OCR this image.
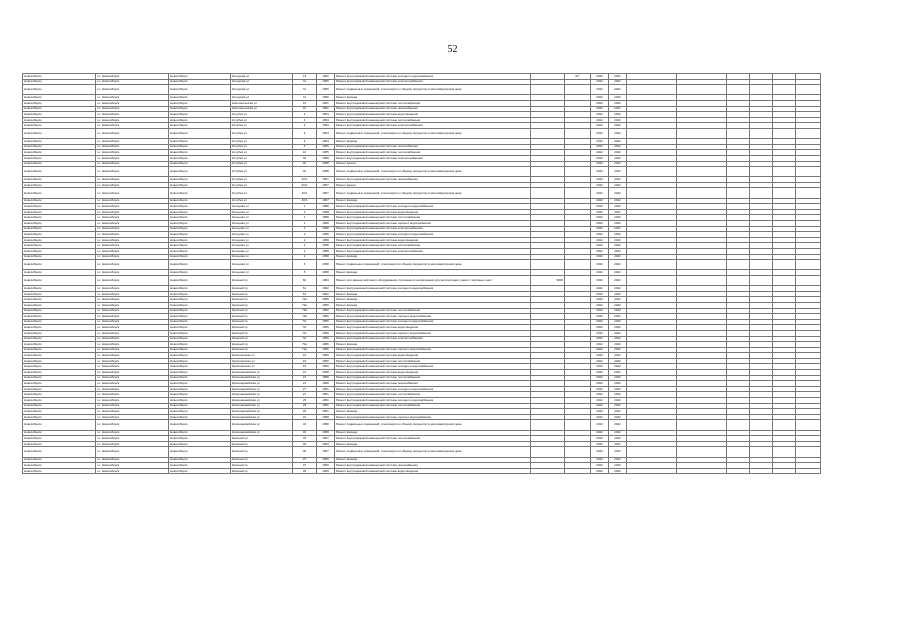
52
Новосибирск	г.о. Новосибирск	Новосибирск	Кошурова ул	13	1962	Ремонт внутридомовой инженерной системы холодного водоснабжения		97*	2022	2022						
Новосибирск	г.о. Новосибирск	Новосибирск	Кошурова ул	7а	1956	Ремонт внутридомовой инженерной системы электроснабжения			2022	2022						
Новосибирск	г.о. Новосибирск	Новосибирск	Кошурова ул	7а	1956	Ремонт подвальных помещений, относящихся к общему имуществу в многоквартирном доме			2022	2022						
Новосибирск	г.о. Новосибирск	Новосибирск	Кошурова ул	7а	1956	Ремонт фасада			2022	2022						
Новосибирск	г.о. Новосибирск	Новосибирск	Комсомольская ул	10	1961	Ремонт внутридомовой инженерной системы теплоснабжения			2022	2022						
Новосибирск	г.о. Новосибирск	Новосибирск	Комсомольская ул	10	1961	Ремонт внутридомовой инженерной системы газоснабжения			2022	2022						
Новосибирск	г.о. Новосибирск	Новосибирск	Кочубея ул	4	1954	Ремонт внутридомовой инженерной системы водоотведения			2022	2022						
Новосибирск	г.о. Новосибирск	Новосибирск	Кочубея ул	4	1954	Ремонт внутридомовой инженерной системы теплоснабжения			2022	2022						
Новосибирск	г.о. Новосибирск	Новосибирск	Кочубея ул	4	1954	Ремонт внутридомовой инженерной системы электроснабжения			2022	2022						
Новосибирск	г.о. Новосибирск	Новосибирск	Кочубея ул	4	1954	Ремонт подвальных помещений, относящихся к общему имуществу в многоквартирном доме			2022	2022						
Новосибирск	г.о. Новосибирск	Новосибирск	Кочубея ул	4	1954	Ремонт фасада			2022	2022						
Новосибирск	г.о. Новосибирск	Новосибирск	Кочубея ул	6	1955	Ремонт внутридомовой инженерной системы газоснабжения			2022	2022						
Новосибирск	г.о. Новосибирск	Новосибирск	Кочубея ул	10	1955	Ремонт внутридомовой инженерной системы теплоснабжения			2022	2022						
Новосибирск	г.о. Новосибирск	Новосибирск	Кочубея ул	40	1958	Ремонт внутридомовой инженерной системы электроснабжения			2022	2022						
Новосибирск	г.о. Новосибирск	Новосибирск	Кочубея ул	40	1958	Ремонт крыши			2022	2022						
Новосибирск	г.о. Новосибирск	Новосибирск	Кочубея ул	40	1958	Ремонт подвальных помещений, относящихся к общему имуществу в многоквартирном доме			2022	2022						
Новосибирск	г.о. Новосибирск	Новосибирск	Кочубея ул	40/1	1957	Ремонт внутридомовой инженерной системы газоснабжения			2022	2022						
Новосибирск	г.о. Новосибирск	Новосибирск	Кочубея ул	40/1	1957	Ремонт крыши			2022	2022						
Новосибирск	г.о. Новосибирск	Новосибирск	Кочубея ул	40/1	1957	Ремонт подвальных помещений, относящихся к общему имуществу в многоквартирном доме			2022	2022						
Новосибирск	г.о. Новосибирск	Новосибирск	Кочубея ул	40/1	1957	Ремонт фасада			2022	2022						
Новосибирск	г.о. Новосибирск	Новосибирск	Кольцова ул	1	1958	Ремонт внутридомовой инженерной системы холодного водоснабжения			2022	2022						
Новосибирск	г.о. Новосибирск	Новосибирск	Кольцова ул	1	1958	Ремонт внутридомовой инженерной системы водоотведения			2022	2022						
Новосибирск	г.о. Новосибирск	Новосибирск	Кольцова ул	1	1958	Ремонт внутридомовой инженерной системы теплоснабжения			2022	2022						
Новосибирск	г.о. Новосибирск	Новосибирск	Кольцова ул	1	1958	Ремонт внутридомовой инженерной системы горячего водоснабжения			2022	2022						
Новосибирск	г.о. Новосибирск	Новосибирск	Кольцова ул	1	1958	Ремонт внутридомовой инженерной системы электроснабжения			2022	2022						
Новосибирск	г.о. Новосибирск	Новосибирск	Кольцова ул	2	1958	Ремонт внутридомовой инженерной системы холодного водоснабжения			2022	2022						
Новосибирск	г.о. Новосибирск	Новосибирск	Кольцова ул	2	1958	Ремонт внутридомовой инженерной системы водоотведения			2022	2022						
Новосибирск	г.о. Новосибирск	Новосибирск	Кольцова ул	2	1958	Ремонт внутридомовой инженерной системы теплоснабжения			2022	2022						
Новосибирск	г.о. Новосибирск	Новосибирск	Кольцова ул	2	1958	Ремонт внутридомовой инженерной системы электроснабжения			2022	2022						
Новосибирск	г.о. Новосибирск	Новосибирск	Кольцова ул	2	1958	Ремонт фасада			2022	2022						
Новосибирск	г.о. Новосибирск	Новосибирск	Кольцова ул	5	1958	Ремонт подвальных помещений, относящихся к общему имуществу в многоквартирном доме			2022	2022						
Новосибирск	г.о. Новосибирск	Новосибирск	Кольцова ул	5	1958	Ремонт фасада			2022	2022						
Новосибирск	г.о. Новосибирск	Новосибирск	Красный пр	60	1964	Ремонт или замена лифтового оборудования, признанного непригодным для эксплуатации, ремонт лифтовых шахт	9900		2022	2022						
Новосибирск	г.о. Новосибирск	Новосибирск	Красный пр	61	1962	Ремонт внутридомовой инженерной системы холодного водоснабжения			2022	2022						
Новосибирск	г.о. Новосибирск	Новосибирск	Красный пр	61	1962	Ремонт фасада			2022	2022						
Новосибирск	г.о. Новосибирск	Новосибирск	Красный пр	72а	1956	Ремонт фасада			2022	2022						
Новосибирск	г.о. Новосибирск	Новосибирск	Красный пр	72в	1956	Ремонт фасада			2022	2022						
Новосибирск	г.о. Новосибирск	Новосибирск	Красный пр	72в	1956	Ремонт внутридомовой инженерной системы теплоснабжения			2022	2022						
Новосибирск	г.о. Новосибирск	Новосибирск	Красный пр	72в	1956	Ремонт внутридомовой инженерной системы горячего водоснабжения			2022	2022						
Новосибирск	г.о. Новосибирск	Новосибирск	Красный пр	72г	1956	Ремонт внутридомовой инженерной системы холодного водоснабжения			2022	2022						
Новосибирск	г.о. Новосибирск	Новосибирск	Красный пр	72г	1956	Ремонт внутридомовой инженерной системы водоотведения			2022	2022						
Новосибирск	г.о. Новосибирск	Новосибирск	Красный пр	72г	1956	Ремонт внутридомовой инженерной системы горячего водоснабжения			2022	2022						
Новосибирск	г.о. Новосибирск	Новосибирск	Красный пр	72г	1956	Ремонт внутридомовой инженерной системы электроснабжения			2022	2022						
Новосибирск	г.о. Новосибирск	Новосибирск	Красный пр	72д	1956	Ремонт фасада			2022	2022						
Новосибирск	г.о. Новосибирск	Новосибирск	Красный пр	72д	1956	Ремонт внутридомовой инженерной системы горячего водоснабжения			2022	2022						
Новосибирск	г.о. Новосибирск	Новосибирск	Красноярская ул	16	1950	Ремонт внутридомовой инженерной системы водоотведения			2022	2022						
Новосибирск	г.о. Новосибирск	Новосибирск	Красноярская ул	16	1950	Ремонт внутридомовой инженерной системы теплоснабжения			2022	2022						
Новосибирск	г.о. Новосибирск	Новосибирск	Красноярская ул	16	1950	Ремонт внутридомовой инженерной системы холодного водоснабжения			2022	2022						
Новосибирск	г.о. Новосибирск	Новосибирск	Красноармейская ул	21	1958	Ремонт внутридомовой инженерной системы водоотведения			2022	2022						
Новосибирск	г.о. Новосибирск	Новосибирск	Красноармейская ул	21	1958	Ремонт внутридомовой инженерной системы теплоснабжения			2022	2022						
Новосибирск	г.о. Новосибирск	Новосибирск	Красноармейская ул	21	1958	Ремонт внутридомовой инженерной системы газоснабжения			2022	2022						
Новосибирск	г.о. Новосибирск	Новосибирск	Красноармейская ул	27	1951	Ремонт внутридомовой инженерной системы холодного водоснабжения			2022	2022						
Новосибирск	г.о. Новосибирск	Новосибирск	Красноармейская ул	27	1951	Ремонт внутридомовой инженерной системы теплоснабжения			2022	2022						
Новосибирск	г.о. Новосибирск	Новосибирск	Красноармейская ул	29	1951	Ремонт внутридомовой инженерной системы холодного водоснабжения			2022	2022						
Новосибирск	г.о. Новосибирск	Новосибирск	Красноармейская ул	29	1951	Ремонт внутридомовой инженерной системы теплоснабжения			2022	2022						
Новосибирск	г.о. Новосибирск	Новосибирск	Красноармейская ул	29	1951	Ремонт фасада			2022	2022						
Новосибирск	г.о. Новосибирск	Новосибирск	Красноармейская ул	31	1958	Ремонт внутридомовой инженерной системы горячего водоснабжения			2022	2022						
Новосибирск	г.о. Новосибирск	Новосибирск	Красноармейская ул	32	1958	Ремонт подвальных помещений, относящихся к общему имуществу в многоквартирном доме			2022	2022						
Новосибирск	г.о. Новосибирск	Новосибирск	Красноармейская ул	32	1958	Ремонт фасада			2022	2022						
Новосибирск	г.о. Новосибирск	Новосибирск	Красный пр	33	1957	Ремонт внутридомовой инженерной системы теплоснабжения			2022	2022						
Новосибирск	г.о. Новосибирск	Новосибирск	Красный пр	36	1957	Ремонт фасада			2022	2022						
Новосибирск	г.о. Новосибирск	Новосибирск	Красный пр	36	1957	Ремонт подвальных помещений, относящихся к общему имуществу в многоквартирном доме			2022	2022						
Новосибирск	г.о. Новосибирск	Новосибирск	Красный пр	37	1959	Ремонт фасада			2022	2022						
Новосибирск	г.о. Новосибирск	Новосибирск	Красный пр	37	1959	Ремонт внутридомовой инженерной системы газоснабжения			2022	2022						
Новосибирск	г.о. Новосибирск	Новосибирск	Красный пр	39	1959	Ремонт внутридомовой инженерной системы водоотведения			2022	2022						
